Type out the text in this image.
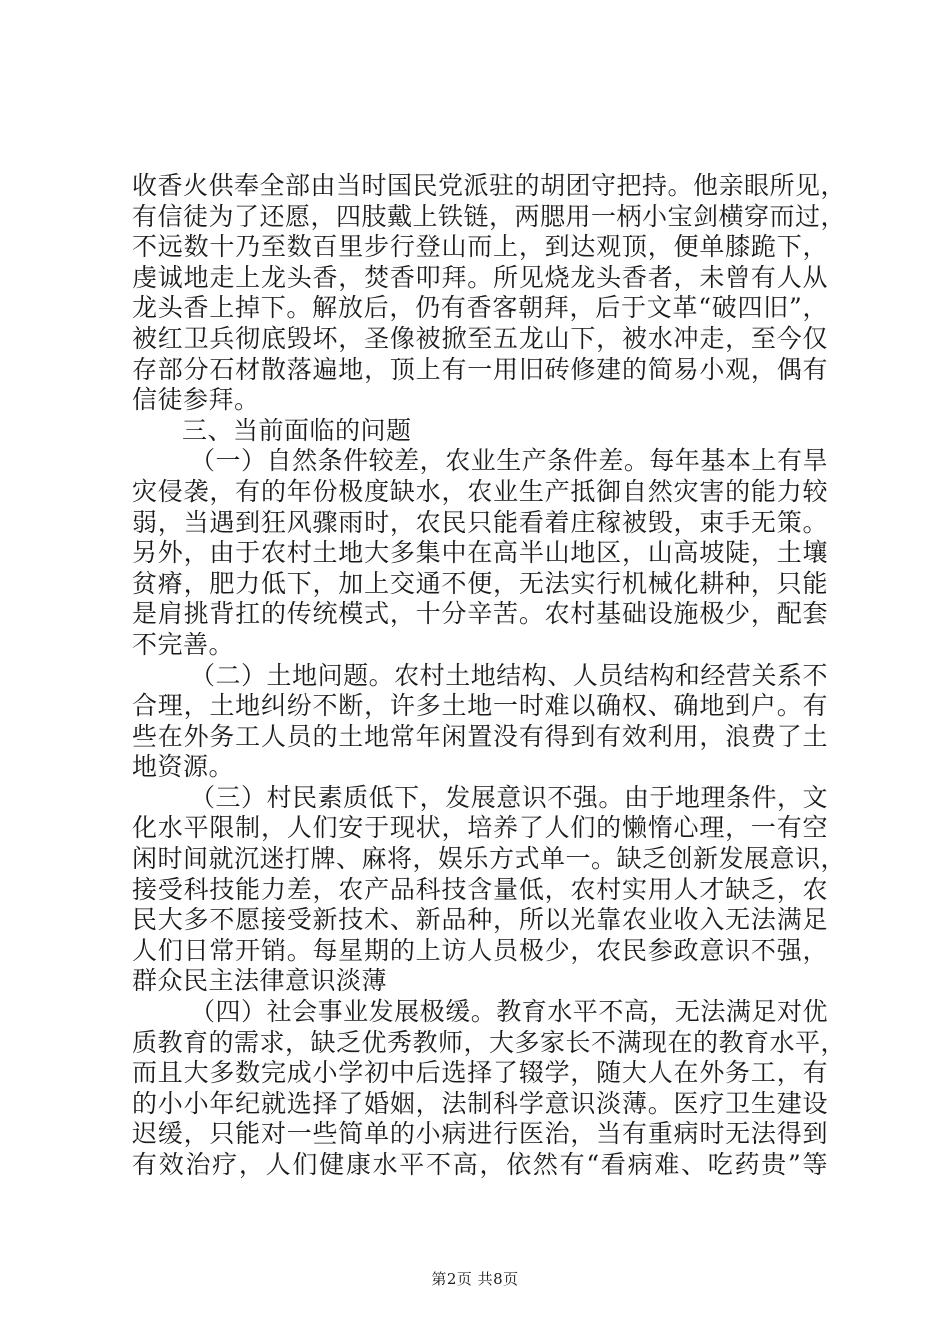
收香火供奉全部由当时国民党派驻的胡团守把持。他亲眼所见，
有信徒为了还愿，四肢戴上铁链，两腮用一柄小宝剑横穿而过，
不远数十乃至数百里步行登山而上，到达观顶，便单膝跪下，
虔诚地走上龙头香，焚香叩拜。所见烧龙头香者，未曾有人从
龙头香上掉下。解放后，仍有香客朝拜，后于文革“破四旧”，
被红卫兵彻底毁坏，圣像被掀至五龙山下，被水冲走，至今仅
存部分石材散落遍地，顶上有一用旧砖修建的简易小观，偶有
信徒参拜。
三、当前面临的问题
（一）自然条件较差，农业生产条件差。每年基本上有旱
灾侵袭，有的年份极度缺水，农业生产抵御自然灾害的能力较
弱，当遇到狂风骤雨时，农民只能看着庄稼被毁，束手无策。
另外，由于农村土地大多集中在高半山地区，山高坡陡，土壤
贫瘠，肥力低下，加上交通不便，无法实行机械化耕种，只能
是肩挑背扛的传统模式，十分辛苦。农村基础设施极少，配套
不完善。
（二）土地问题。农村土地结构、人员结构和经营关系不
合理，土地纠纷不断，许多土地一时难以确权、确地到户。有
些在外务工人员的土地常年闲置没有得到有效利用，浪费了土
地资源。
（三）村民素质低下，发展意识不强。由于地理条件，文
化水平限制，人们安于现状，培养了人们的懒惰心理，一有空
闲时间就沉迷打牌、麻将，娱乐方式单一。缺乏创新发展意识，
接受科技能力差，农产品科技含量低，农村实用人才缺乏，农
民大多不愿接受新技术、新品种，所以光靠农业收入无法满足
人们日常开销。每星期的上访人员极少，农民参政意识不强，
群众民主法律意识淡薄
（四）社会事业发展极缓。教育水平不高，无法满足对优
质教育的需求，缺乏优秀教师，大多家长不满现在的教育水平，
而且大多数完成小学初中后选择了辍学，随大人在外务工，有
的小小年纪就选择了婚姻，法制科学意识淡薄。医疗卫生建设
迟缓，只能对一些简单的小病进行医治，当有重病时无法得到
有效治疗，人们健康水平不高，依然有“看病难、吃药贵”等
第2页 共8页
